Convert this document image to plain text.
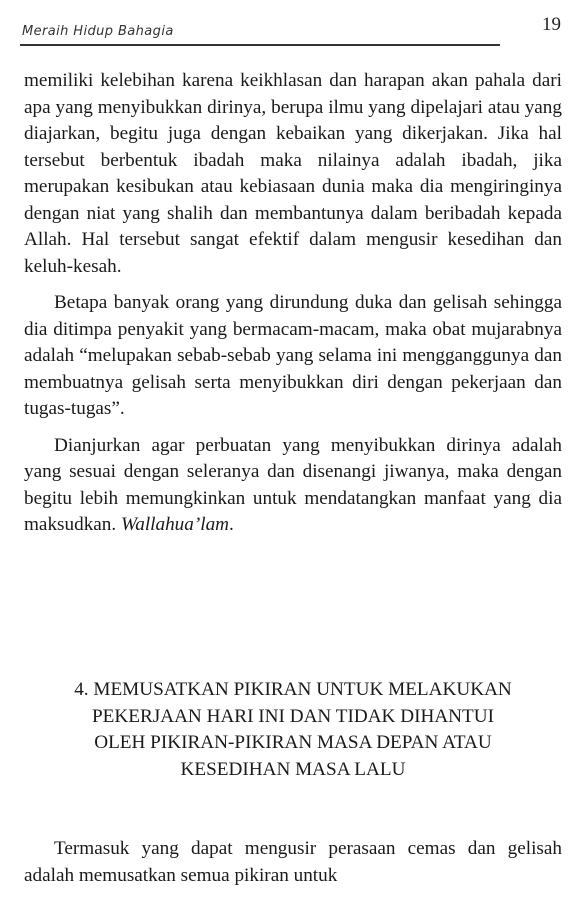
Meraih Hidup Bahagia	19

memiliki kelebihan karena keikhlasan dan harapan akan pahala dari apa yang menyibukkan dirinya, berupa ilmu yang dipelajari atau yang diajarkan, begitu juga dengan kebaikan yang dikerjakan. Jika hal tersebut berbentuk ibadah maka nilainya adalah ibadah, jika merupakan kesibukan atau kebiasaan dunia maka dia mengiringinya dengan niat yang shalih dan membantunya dalam beribadah kepada Allah. Hal tersebut sangat efektif dalam mengusir kesedihan dan keluh-kesah.

Betapa banyak orang yang dirundung duka dan gelisah sehingga dia ditimpa penyakit yang bermacam-macam, maka obat mujarabnya adalah “melupakan sebab-sebab yang selama ini mengganggunya dan membuatnya gelisah serta menyibukkan diri dengan pekerjaan dan tugas-tugas”.

Dianjurkan agar perbuatan yang menyibukkan dirinya adalah yang sesuai dengan seleranya dan disenangi jiwanya, maka dengan begitu lebih memungkinkan untuk mendatangkan manfaat yang dia maksudkan. Wallahua’lam.

4. MEMUSATKAN PIKIRAN UNTUK MELAKUKAN
PEKERJAAN HARI INI DAN TIDAK DIHANTUI
OLEH PIKIRAN-PIKIRAN MASA DEPAN ATAU
KESEDIHAN MASA LALU

Termasuk yang dapat mengusir perasaan cemas dan gelisah adalah memusatkan semua pikiran untuk
